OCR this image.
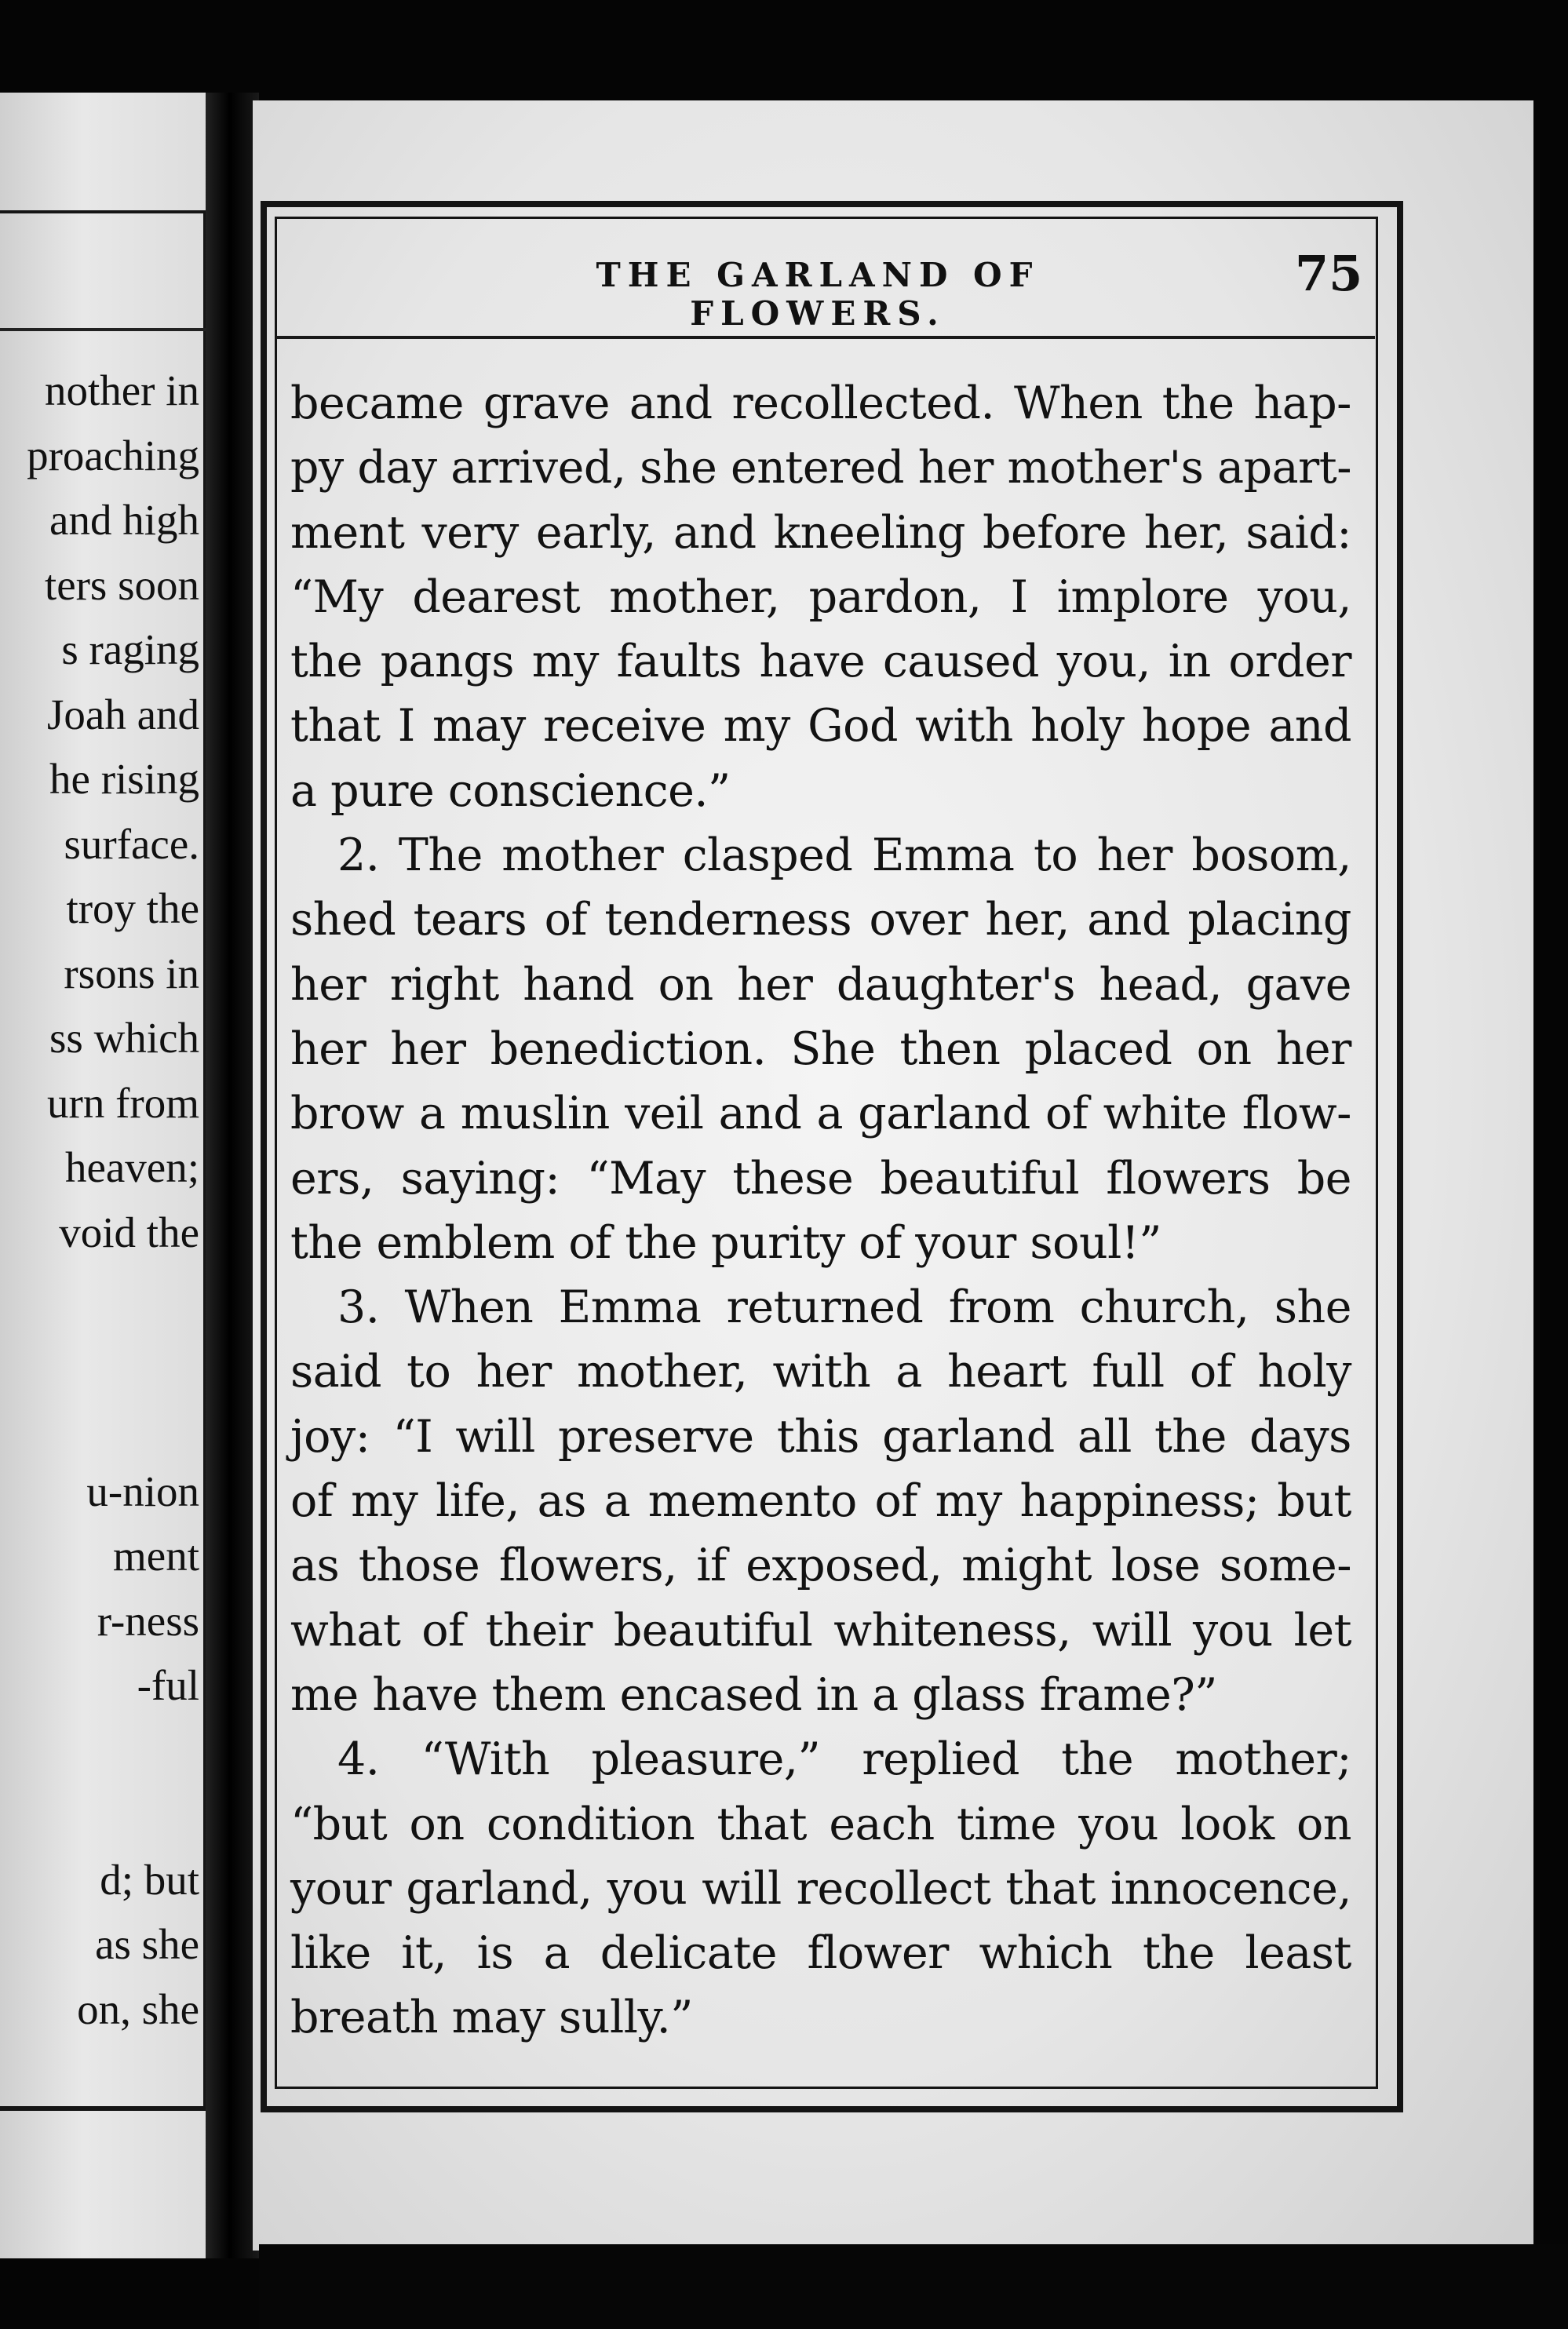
nother in
proaching
and high
ters soon
s raging
Joah and
he rising
surface.
troy the
rsons in
ss which
urn from
heaven;
void the
u-nion
ment
r-ness
-ful
d; but
as she
on, she
THE GARLAND OF FLOWERS.
75
became grave and recollected. When the hap-
py day arrived, she entered her mother's apart-
ment very early, and kneeling before her, said:
“My dearest mother, pardon, I implore you,
the pangs my faults have caused you, in order
that I may receive my God with holy hope and
a pure conscience.”
2. The mother clasped Emma to her bosom,
shed tears of tenderness over her, and placing
her right hand on her daughter's head, gave
her her benediction. She then placed on her
brow a muslin veil and a garland of white flow-
ers, saying: “May these beautiful flowers be
the emblem of the purity of your soul!”
3. When Emma returned from church, she
said to her mother, with a heart full of holy
joy: “I will preserve this garland all the days
of my life, as a memento of my happiness; but
as those flowers, if exposed, might lose some-
what of their beautiful whiteness, will you let
me have them encased in a glass frame?”
4. “With pleasure,” replied the mother;
“but on condition that each time you look on
your garland, you will recollect that innocence,
like it, is a delicate flower which the least
breath may sully.”
